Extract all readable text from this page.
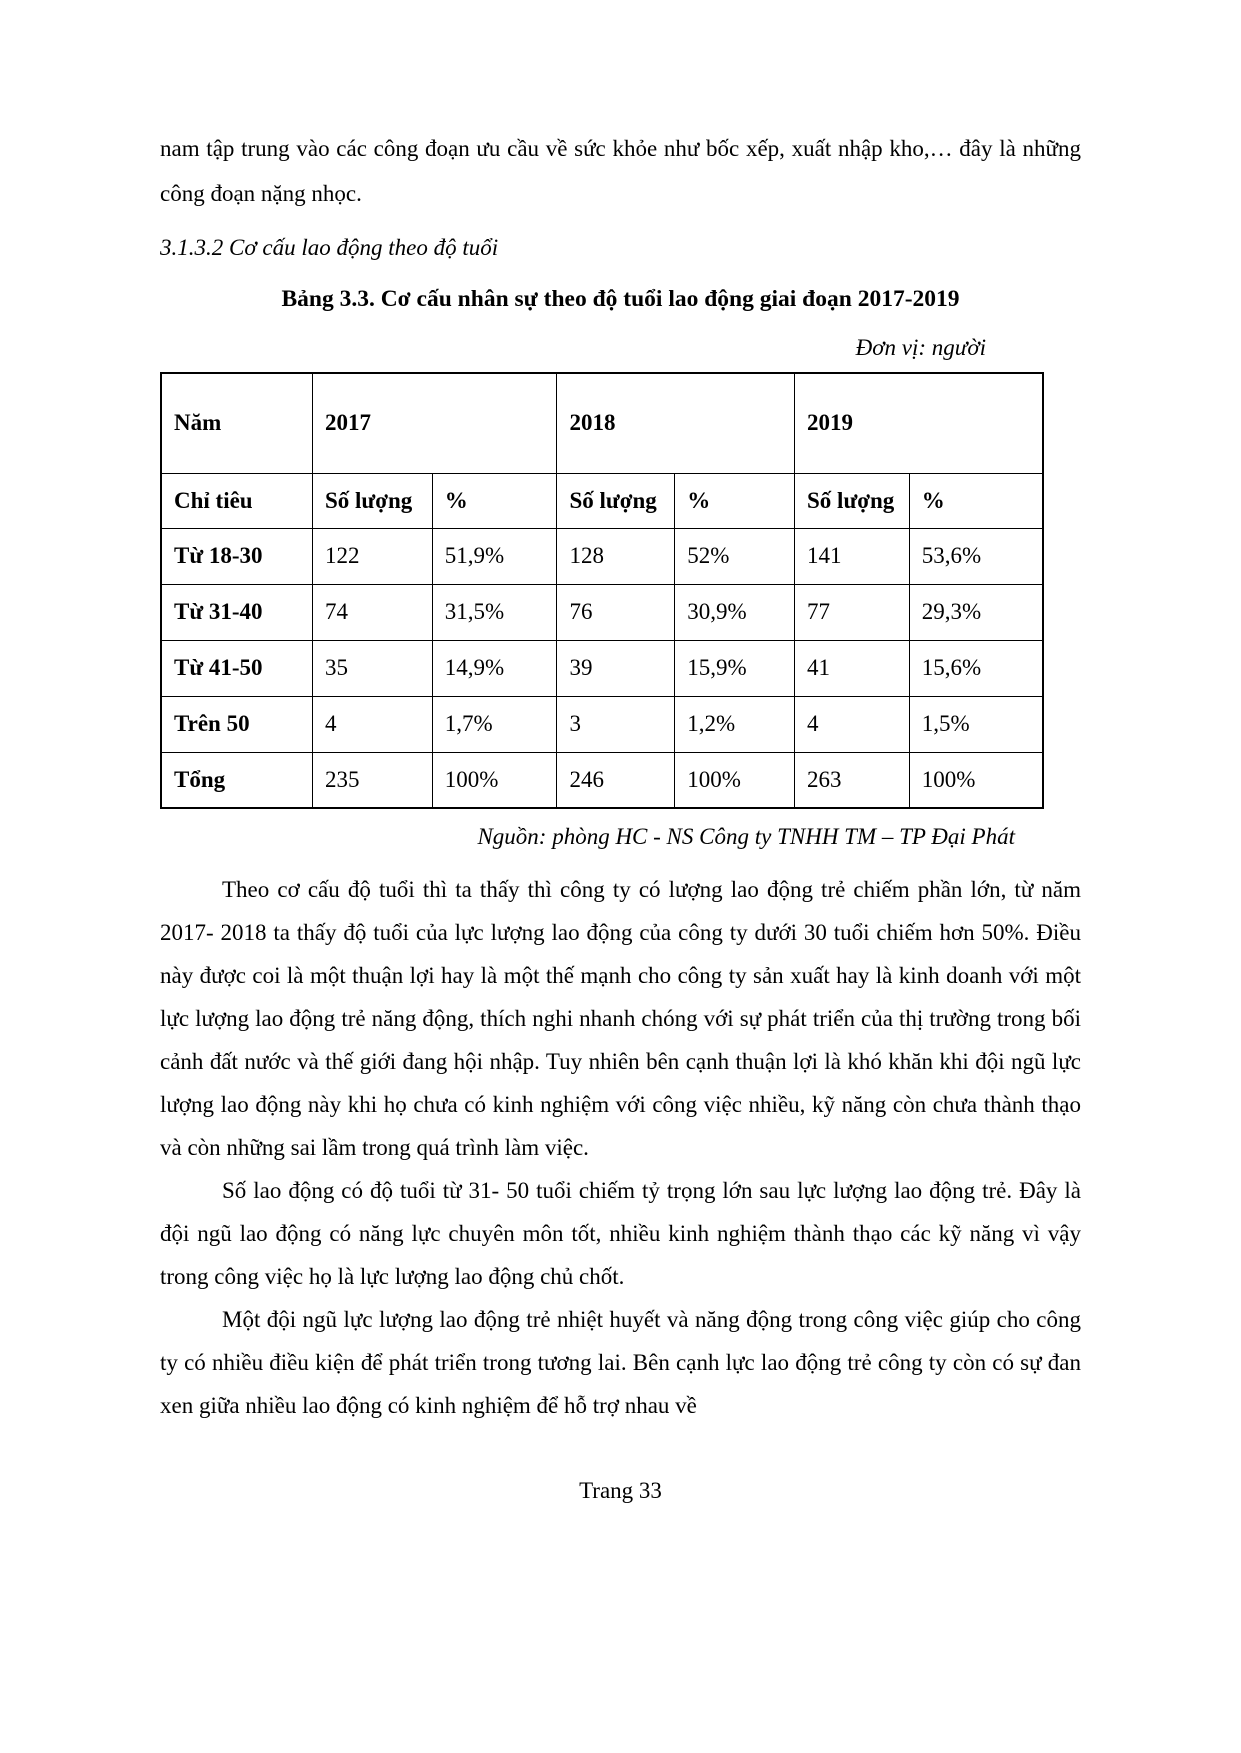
nam tập trung vào các công đoạn ưu cầu về sức khỏe như bốc xếp, xuất nhập kho,… đây là những công đoạn nặng nhọc.

3.1.3.2 Cơ cấu lao động theo độ tuổi
Bảng 3.3. Cơ cấu nhân sự theo độ tuổi lao động giai đoạn 2017-2019
Đơn vị: người
Năm	2017		2018		2019	
Chỉ tiêu	Số lượng	%	Số lượng	%	Số lượng	%
Từ 18-30	122	51,9%	128	52%	141	53,6%
Từ 31-40	74	31,5%	76	30,9%	77	29,3%
Từ 41-50	35	14,9%	39	15,9%	41	15,6%
Trên 50	4	1,7%	3	1,2%	4	1,5%
Tổng	235	100%	246	100%	263	100%
Nguồn: phòng HC - NS Công ty TNHH TM – TP Đại Phát

Theo cơ cấu độ tuổi thì ta thấy thì công ty có lượng lao động trẻ chiếm phần lớn, từ năm 2017- 2018 ta thấy độ tuổi của lực lượng lao động của công ty dưới 30 tuổi chiếm hơn 50%. Điều này được coi là một thuận lợi hay là một thế mạnh cho công ty sản xuất hay là kinh doanh với một lực lượng lao động trẻ năng động, thích nghi nhanh chóng với sự phát triển của thị trường trong bối cảnh đất nước và thế giới đang hội nhập. Tuy nhiên bên cạnh thuận lợi là khó khăn khi đội ngũ lực lượng lao động này khi họ chưa có kinh nghiệm với công việc nhiều, kỹ năng còn chưa thành thạo và còn những sai lầm trong quá trình làm việc.

Số lao động có độ tuổi từ 31- 50 tuổi chiếm tỷ trọng lớn sau lực lượng lao động trẻ. Đây là đội ngũ lao động có năng lực chuyên môn tốt, nhiều kinh nghiệm thành thạo các kỹ năng vì vậy trong công việc họ là lực lượng lao động chủ chốt.

Một đội ngũ lực lượng lao động trẻ nhiệt huyết và năng động trong công việc giúp cho công ty có nhiều điều kiện để phát triển trong tương lai. Bên cạnh lực lao động trẻ công ty còn có sự đan xen giữa nhiều lao động có kinh nghiệm để hỗ trợ nhau về

Trang 33
